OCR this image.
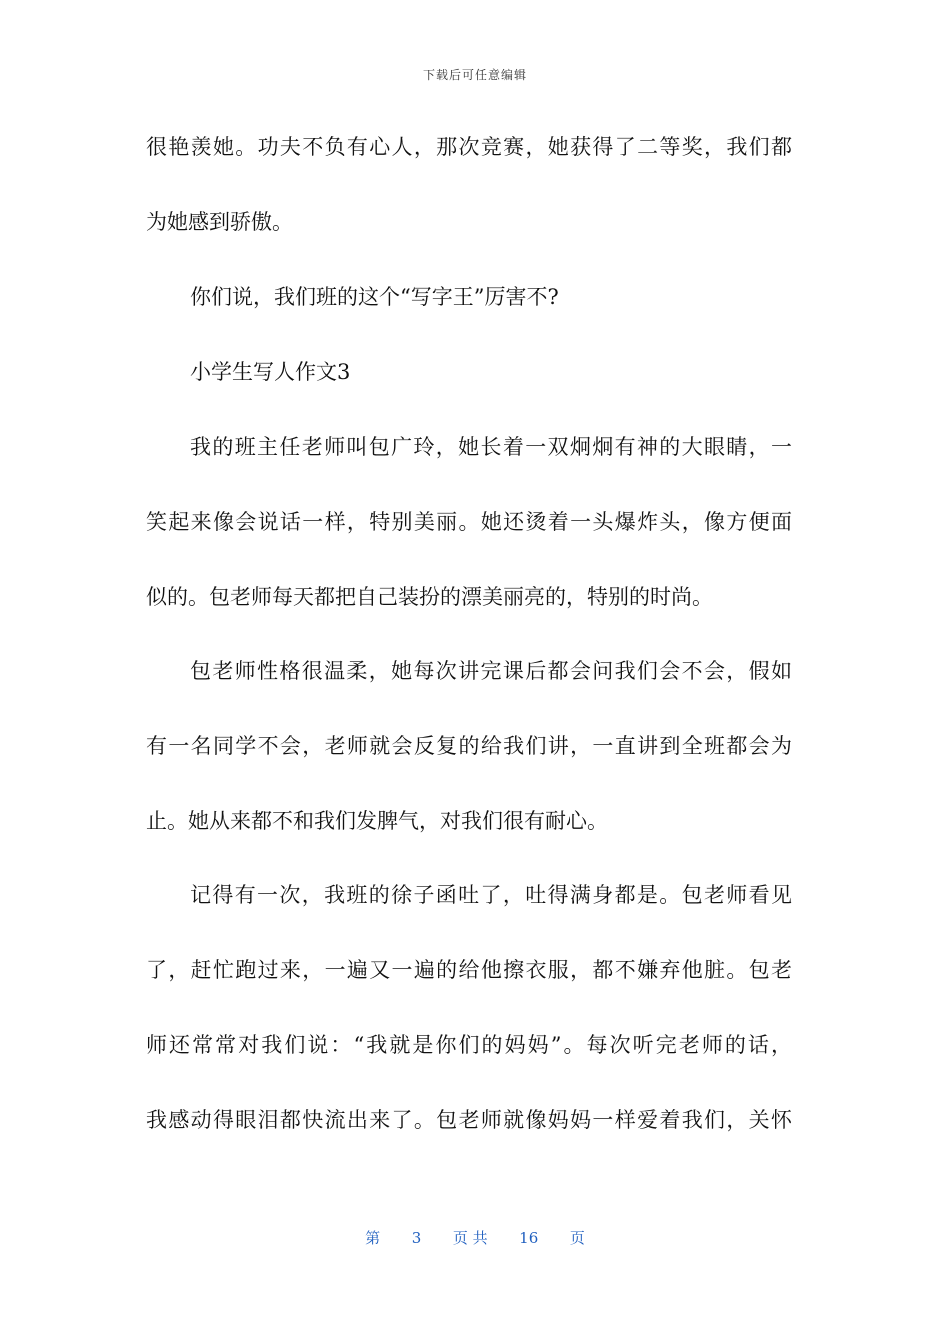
下载后可任意编辑
很艳羡她。功夫不负有心人，那次竞赛，她获得了二等奖，我们都
为她感到骄傲。
你们说，我们班的这个“写字王”厉害不?
小学生写人作文3
我的班主任老师叫包广玲，她长着一双炯炯有神的大眼睛，一
笑起来像会说话一样，特别美丽。她还烫着一头爆炸头，像方便面
似的。包老师每天都把自己装扮的漂美丽亮的，特别的时尚。
包老师性格很温柔，她每次讲完课后都会问我们会不会，假如
有一名同学不会，老师就会反复的给我们讲，一直讲到全班都会为
止。她从来都不和我们发脾气，对我们很有耐心。
记得有一次，我班的徐子函吐了，吐得满身都是。包老师看见
了，赶忙跑过来，一遍又一遍的给他擦衣服，都不嫌弃他脏。包老
师还常常对我们说：“我就是你们的妈妈”。每次听完老师的话，
我感动得眼泪都快流出来了。包老师就像妈妈一样爱着我们，关怀
第 3 页 共 16 页
